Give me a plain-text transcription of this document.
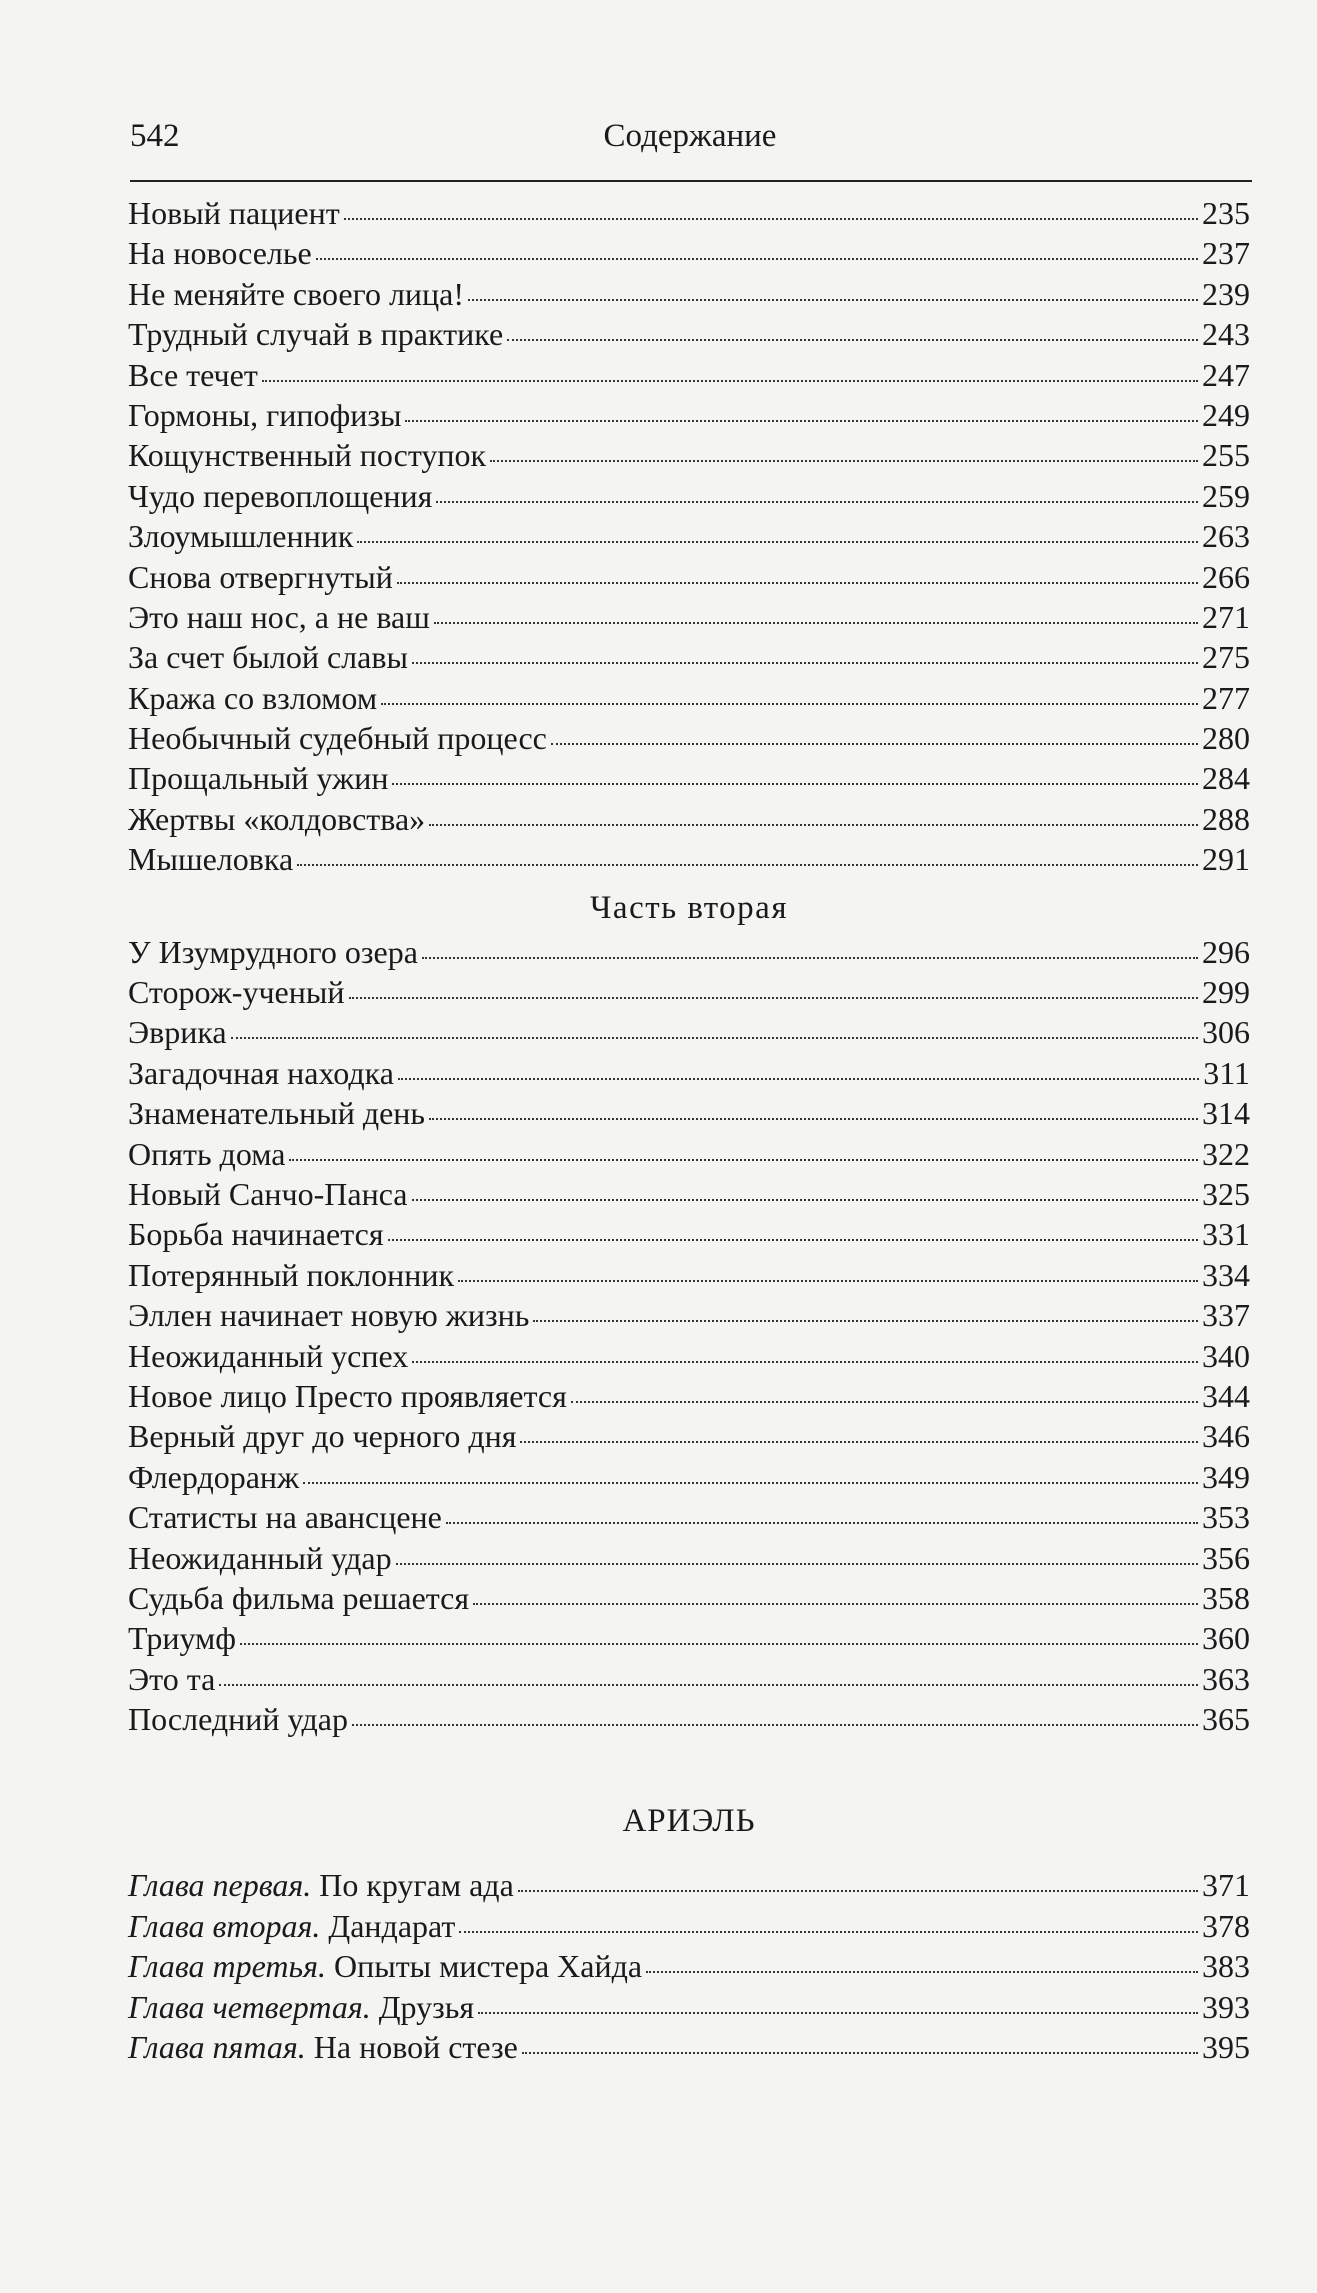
542	Содержание
Новый пациент	235
На новоселье	237
Не меняйте своего лица!	239
Трудный случай в практике	243
Все течет	247
Гормоны, гипофизы	249
Кощунственный поступок	255
Чудо перевоплощения	259
Злоумышленник	263
Снова отвергнутый	266
Это наш нос, а не ваш	271
За счет былой славы	275
Кража со взломом	277
Необычный судебный процесс	280
Прощальный ужин	284
Жертвы «колдовства»	288
Мышеловка	291
Часть вторая
У Изумрудного озера	296
Сторож-ученый	299
Эврика	306
Загадочная находка	311
Знаменательный день	314
Опять дома	322
Новый Санчо-Панса	325
Борьба начинается	331
Потерянный поклонник	334
Эллен начинает новую жизнь	337
Неожиданный успех	340
Новое лицо Престо проявляется	344
Верный друг до черного дня	346
Флердоранж	349
Статисты на авансцене	353
Неожиданный удар	356
Судьба фильма решается	358
Триумф	360
Это та	363
Последний удар	365
АРИЭЛЬ
Глава первая. По кругам ада	371
Глава вторая. Дандарат	378
Глава третья. Опыты мистера Хайда	383
Глава четвертая. Друзья	393
Глава пятая. На новой стезе	395
